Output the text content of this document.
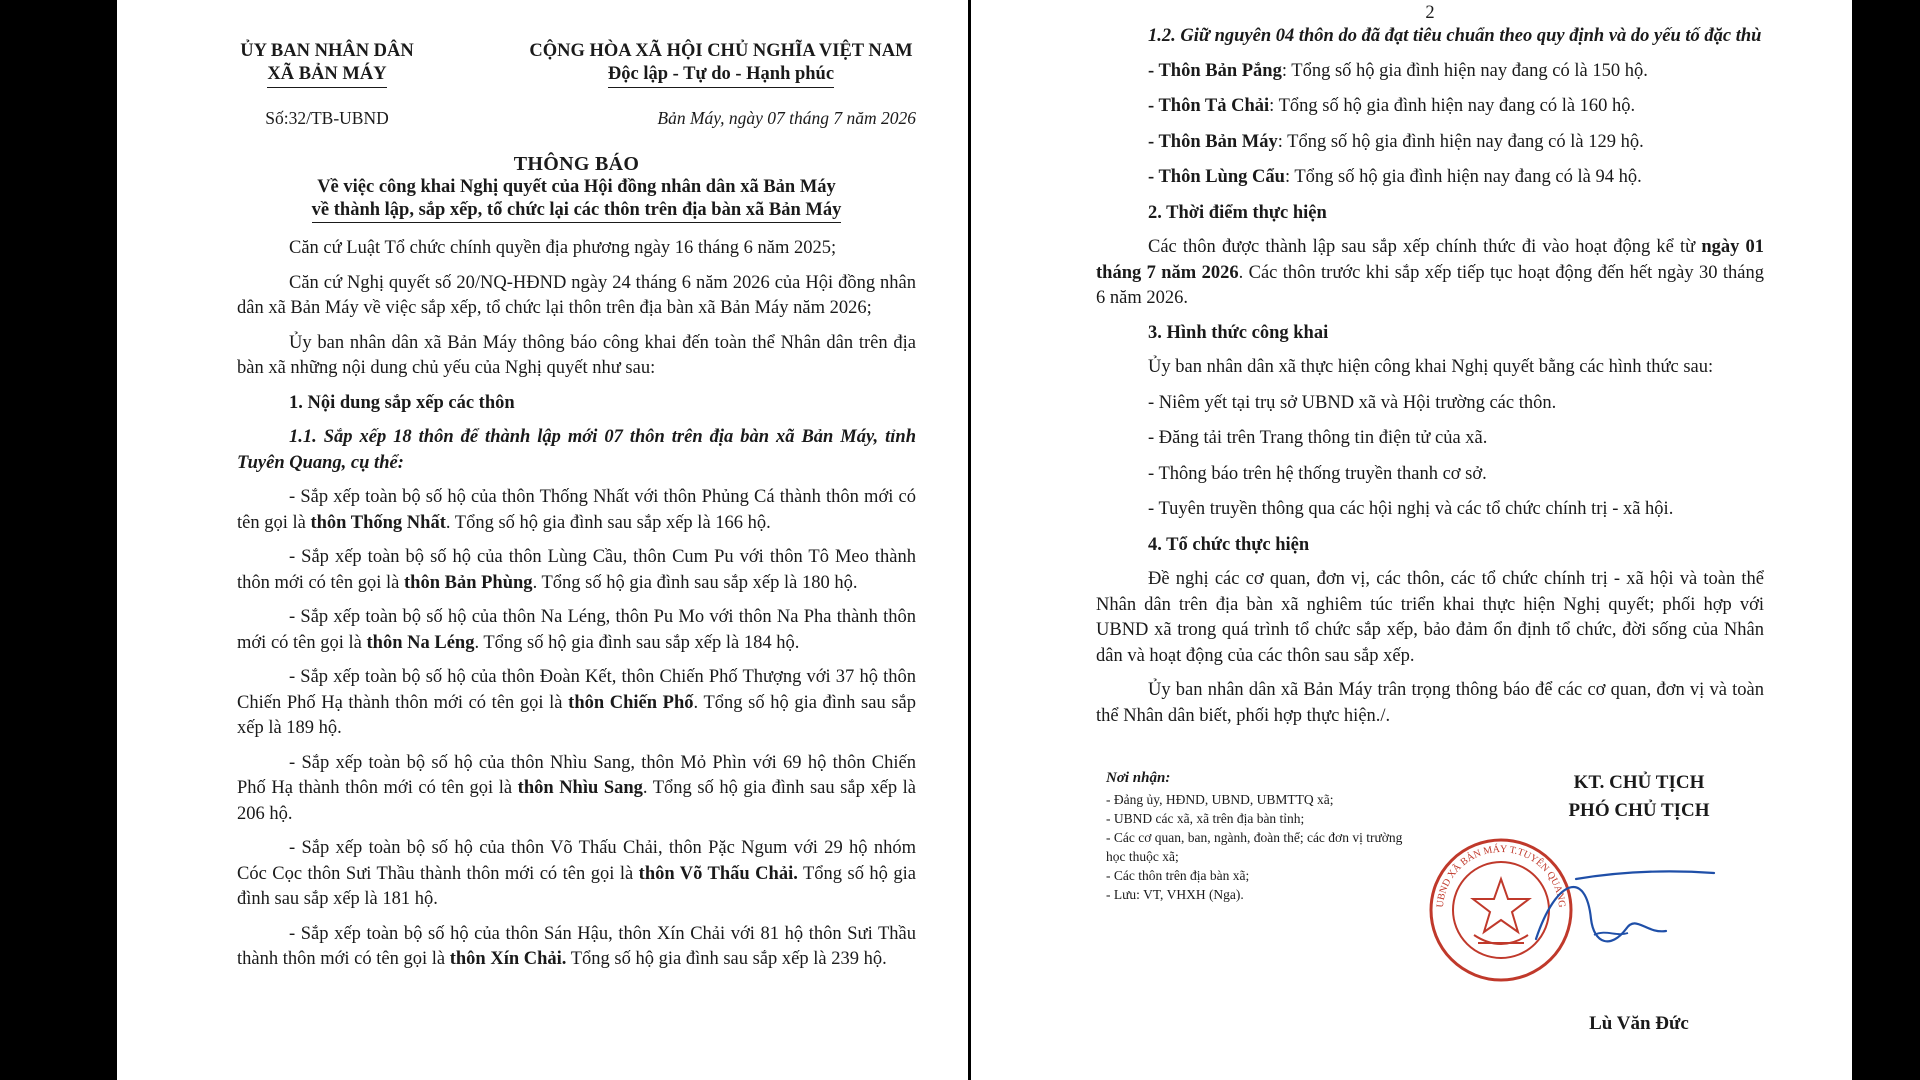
ỦY BAN NHÂN DÂN
XÃ BẢN MÁY
CỘNG HÒA XÃ HỘI CHỦ NGHĨA VIỆT NAM
Độc lập - Tự do - Hạnh phúc
Số:32/TB-UBND	Bản Máy, ngày 07 tháng 7 năm 2026
THÔNG BÁO
Về việc công khai Nghị quyết của Hội đồng nhân dân xã Bản Máy
về thành lập, sắp xếp, tổ chức lại các thôn trên địa bàn xã Bản Máy

Căn cứ Luật Tổ chức chính quyền địa phương ngày 16 tháng 6 năm 2025;

Căn cứ Nghị quyết số 20/NQ-HĐND ngày 24 tháng 6 năm 2026 của Hội đồng nhân dân xã Bản Máy về việc sắp xếp, tổ chức lại thôn trên địa bàn xã Bản Máy năm 2026;

Ủy ban nhân dân xã Bản Máy thông báo công khai đến toàn thể Nhân dân trên địa bàn xã những nội dung chủ yếu của Nghị quyết như sau:

1. Nội dung sắp xếp các thôn

1.1. Sắp xếp 18 thôn để thành lập mới 07 thôn trên địa bàn xã Bản Máy, tỉnh Tuyên Quang, cụ thể:

- Sắp xếp toàn bộ số hộ của thôn Thống Nhất với thôn Phủng Cá thành thôn mới có tên gọi là thôn Thống Nhất. Tổng số hộ gia đình sau sắp xếp là 166 hộ.

- Sắp xếp toàn bộ số hộ của thôn Lùng Cầu, thôn Cum Pu với thôn Tô Meo thành thôn mới có tên gọi là thôn Bản Phùng. Tổng số hộ gia đình sau sắp xếp là 180 hộ.

- Sắp xếp toàn bộ số hộ của thôn Na Léng, thôn Pu Mo với thôn Na Pha thành thôn mới có tên gọi là thôn Na Léng. Tổng số hộ gia đình sau sắp xếp là 184 hộ.

- Sắp xếp toàn bộ số hộ của thôn Đoàn Kết, thôn Chiến Phố Thượng với 37 hộ thôn Chiến Phố Hạ thành thôn mới có tên gọi là thôn Chiến Phố. Tổng số hộ gia đình sau sắp xếp là 189 hộ.

- Sắp xếp toàn bộ số hộ của thôn Nhìu Sang, thôn Mỏ Phìn với 69 hộ thôn Chiến Phố Hạ thành thôn mới có tên gọi là thôn Nhìu Sang. Tổng số hộ gia đình sau sắp xếp là 206 hộ.

- Sắp xếp toàn bộ số hộ của thôn Võ Thấu Chải, thôn Pặc Ngum với 29 hộ nhóm Cóc Cọc thôn Sưi Thầu thành thôn mới có tên gọi là thôn Võ Thấu Chải. Tổng số hộ gia đình sau sắp xếp là 181 hộ.

- Sắp xếp toàn bộ số hộ của thôn Sán Hậu, thôn Xín Chải với 81 hộ thôn Sưi Thầu thành thôn mới có tên gọi là thôn Xín Chải. Tổng số hộ gia đình sau sắp xếp là 239 hộ.

2

1.2. Giữ nguyên 04 thôn do đã đạt tiêu chuẩn theo quy định và do yếu tố đặc thù

- Thôn Bản Pắng: Tổng số hộ gia đình hiện nay đang có là 150 hộ.

- Thôn Tả Chải: Tổng số hộ gia đình hiện nay đang có là 160 hộ.

- Thôn Bản Máy: Tổng số hộ gia đình hiện nay đang có là 129 hộ.

- Thôn Lùng Cẩu: Tổng số hộ gia đình hiện nay đang có là 94 hộ.

2. Thời điểm thực hiện

Các thôn được thành lập sau sắp xếp chính thức đi vào hoạt động kể từ ngày 01 tháng 7 năm 2026. Các thôn trước khi sắp xếp tiếp tục hoạt động đến hết ngày 30 tháng 6 năm 2026.

3. Hình thức công khai

Ủy ban nhân dân xã thực hiện công khai Nghị quyết bằng các hình thức sau:

- Niêm yết tại trụ sở UBND xã và Hội trường các thôn.

- Đăng tải trên Trang thông tin điện tử của xã.

- Thông báo trên hệ thống truyền thanh cơ sở.

- Tuyên truyền thông qua các hội nghị và các tổ chức chính trị - xã hội.

4. Tổ chức thực hiện

Đề nghị các cơ quan, đơn vị, các thôn, các tổ chức chính trị - xã hội và toàn thể Nhân dân trên địa bàn xã nghiêm túc triển khai thực hiện Nghị quyết; phối hợp với UBND xã trong quá trình tổ chức sắp xếp, bảo đảm ổn định tổ chức, đời sống của Nhân dân và hoạt động của các thôn sau sắp xếp.

Ủy ban nhân dân xã Bản Máy trân trọng thông báo để các cơ quan, đơn vị và toàn thể Nhân dân biết, phối hợp thực hiện./.

Nơi nhận:
- Đảng ủy, HĐND, UBND, UBMTTQ xã;
- UBND các xã, xã trên địa bàn tỉnh;
- Các cơ quan, ban, ngành, đoàn thể; các đơn vị trường học thuộc xã;
- Các thôn trên địa bàn xã;
- Lưu: VT, VHXH (Nga).
UBND XÃ BẢN MÁY T.TUYÊN QUANG
KT. CHỦ TỊCH
PHÓ CHỦ TỊCH
Lù Văn Đức
